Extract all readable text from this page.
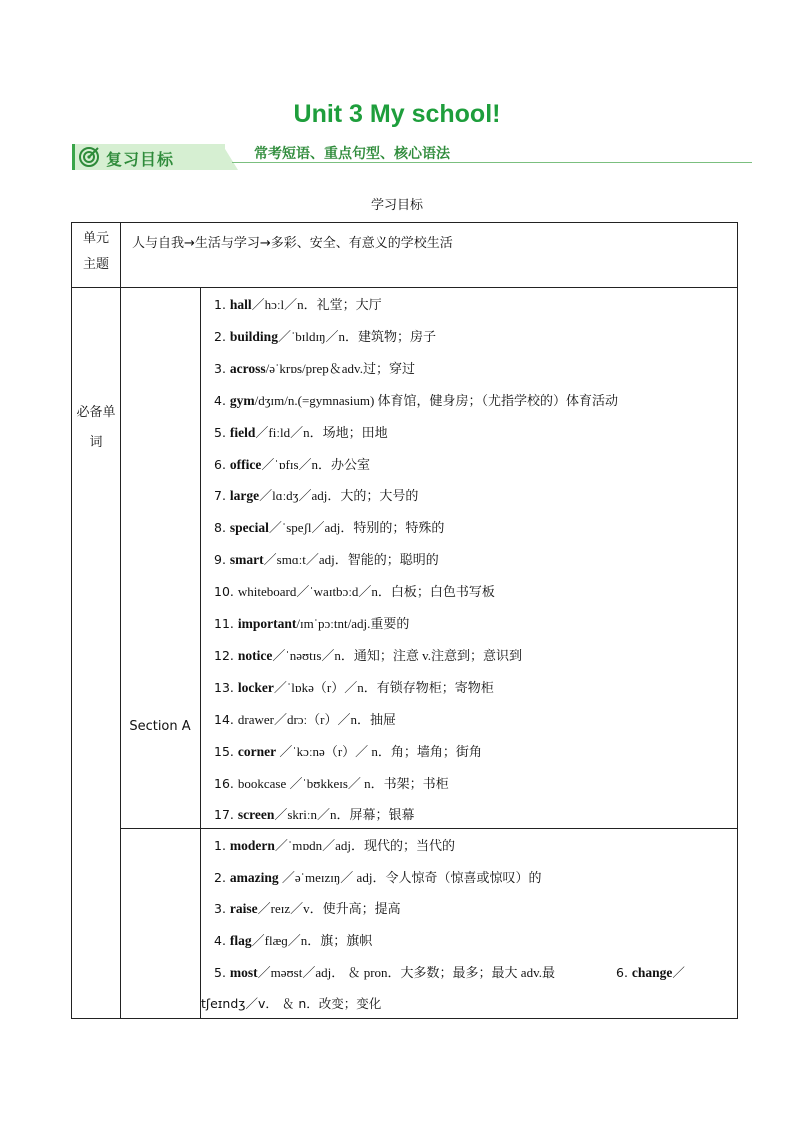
Unit 3 My school!
复习目标	常考短语、重点句型、核心语法
学习目标
单元
主题
人与自我→生活与学习→多彩、安全、有意义的学校生活
必备单
词
Section A
1. hall／hɔːl／n．礼堂；大厅
2. building／ˈbɪldɪŋ／n．建筑物；房子
3. across/əˈkrɒs/prep＆adv.过；穿过
4. gym/dʒɪm/n.(=gymnasium) 体育馆，健身房；（尤指学校的）体育活动
5. field／fiːld／n．场地；田地
6. office／ˈɒfɪs／n．办公室
7. large／lɑːdʒ／adj．大的；大号的
8. special／ˈspeʃl／adj．特别的；特殊的
9. smart／smɑːt／adj．智能的；聪明的
10. whiteboard／ˈwaɪtbɔːd／n．白板；白色书写板
11. important/ɪmˈpɔːtnt/adj.重要的
12. notice／ˈnəʊtɪs／n．通知；注意 v.注意到；意识到
13. locker／ˈlɒkə（r）／n．有锁存物柜；寄物柜
14. drawer／drɔː（r）／n．抽屉
15. corner ／ˈkɔːnə（r）／ n．角；墙角；街角
16. bookcase ／ˈbʊkkeɪs／ n．书架；书柜
17. screen／skriːn／n．屏幕；银幕
1. modern／ˈmɒdn／adj．现代的；当代的
2. amazing ／əˈmeɪzɪŋ／ adj．令人惊奇（惊喜或惊叹）的
3. raise／reɪz／v．使升高；提高
4. flag／flæɡ／n．旗；旗帜
5. most／məʊst／adj． ＆ pron．大多数；最多；最大 adv.最	6. change／
tʃeɪndʒ／v． ＆ n．改变；变化
